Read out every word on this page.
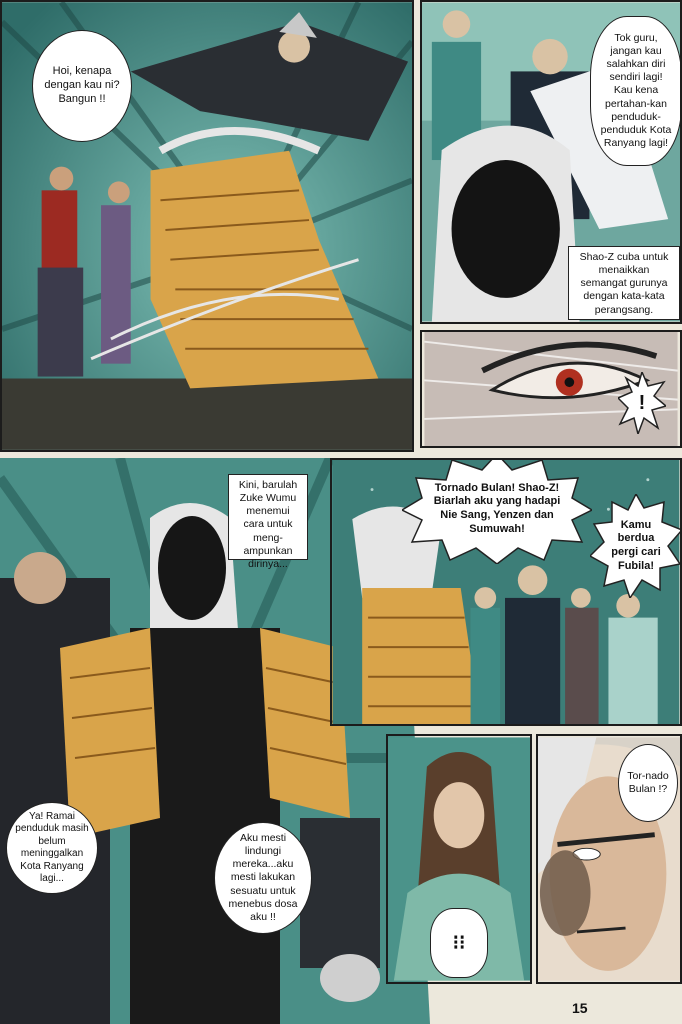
Hoi, kenapa dengan kau ni? Bangun !!
Tok guru, jangan kau salahkan diri sendiri lagi! Kau kena pertahan-kan penduduk-penduduk Kota Ranyang lagi!
Shao-Z cuba untuk menaikkan semangat gurunya dengan kata-kata perangsang.
!
Kini, barulah Zuke Wumu menemui cara untuk meng-ampunkan dirinya...
Ya! Ramai penduduk masih belum meninggalkan Kota Ranyang lagi...
Aku mesti lindungi mereka...aku mesti lakukan sesuatu untuk menebus dosa aku !!
Tornado Bulan! Shao-Z! Biarlah aku yang hadapi Nie Sang, Yenzen dan Sumuwah!	Kamu berdua pergi cari Fubila!
⁝⁝
Tor-nado Bulan !?
15
